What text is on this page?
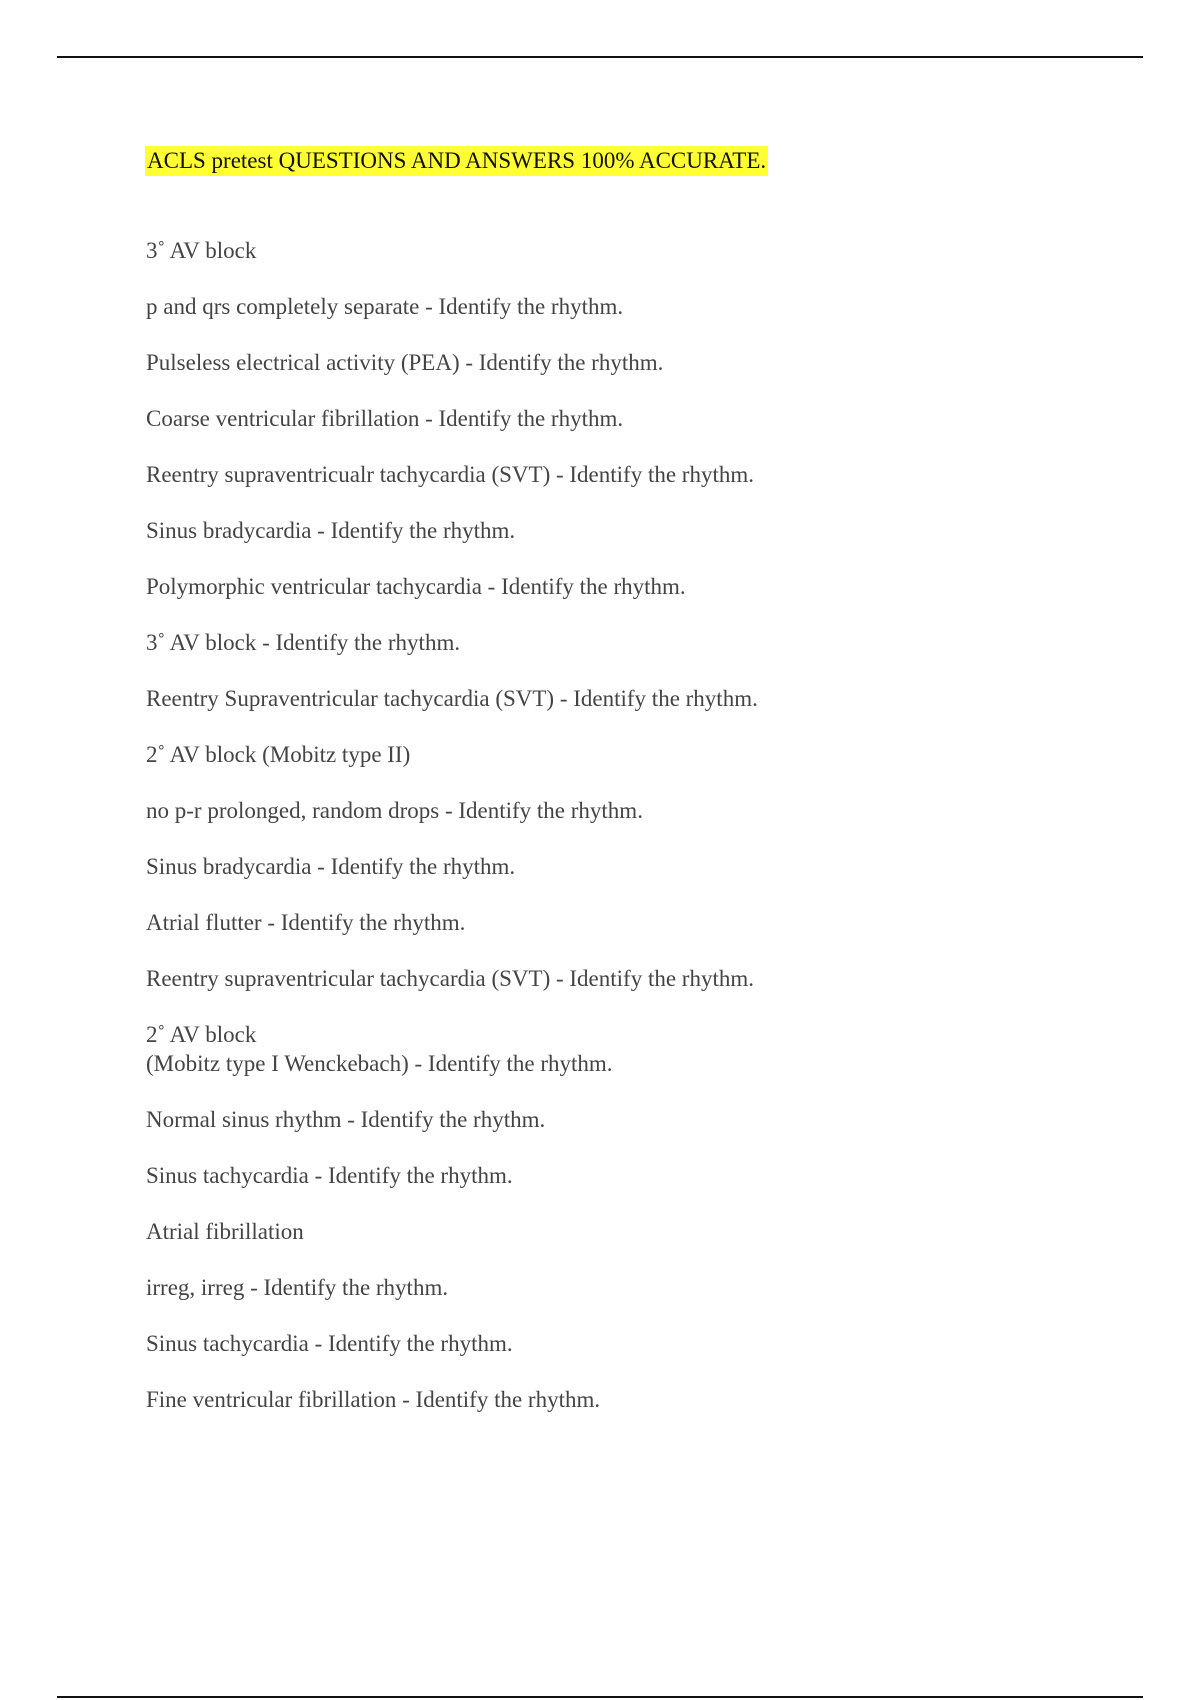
ACLS pretest QUESTIONS AND ANSWERS 100% ACCURATE.
3˚ AV block
p and qrs completely separate - Identify the rhythm.
Pulseless electrical activity (PEA) - Identify the rhythm.
Coarse ventricular fibrillation - Identify the rhythm.
Reentry supraventricualr tachycardia (SVT) - Identify the rhythm.
Sinus bradycardia - Identify the rhythm.
Polymorphic ventricular tachycardia - Identify the rhythm.
3˚ AV block - Identify the rhythm.
Reentry Supraventricular tachycardia (SVT) - Identify the rhythm.
2˚ AV block (Mobitz type II)
no p-r prolonged, random drops - Identify the rhythm.
Sinus bradycardia - Identify the rhythm.
Atrial flutter - Identify the rhythm.
Reentry supraventricular tachycardia (SVT) - Identify the rhythm.
2˚ AV block
(Mobitz type I Wenckebach) - Identify the rhythm.
Normal sinus rhythm - Identify the rhythm.
Sinus tachycardia - Identify the rhythm.
Atrial fibrillation
irreg, irreg - Identify the rhythm.
Sinus tachycardia - Identify the rhythm.
Fine ventricular fibrillation - Identify the rhythm.
